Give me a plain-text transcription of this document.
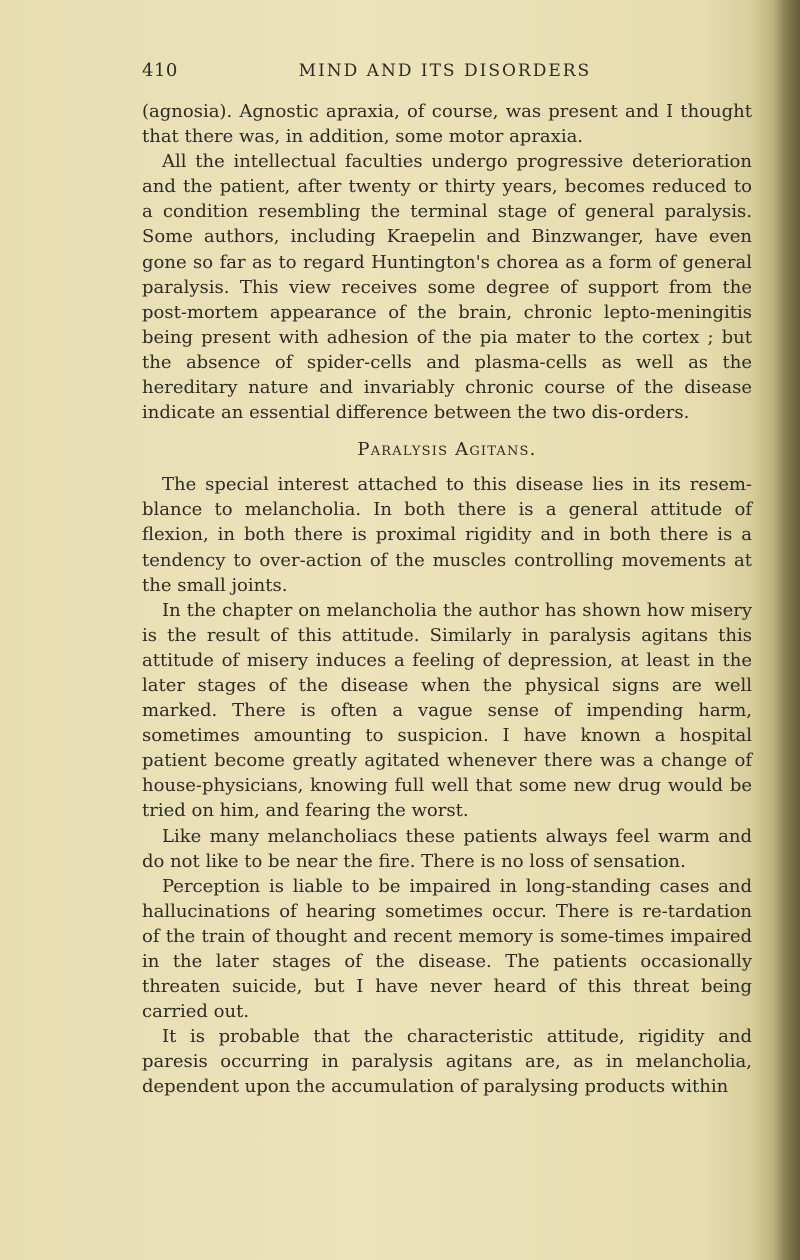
410	MIND AND ITS DISORDERS

(agnosia). Agnostic apraxia, of course, was present and I thought that there was, in addition, some motor apraxia.

All the intellectual faculties undergo progressive deterioration and the patient, after twenty or thirty years, becomes reduced to a condition resembling the terminal stage of general paralysis. Some authors, including Kraepelin and Binzwanger, have even gone so far as to regard Huntington's chorea as a form of general paralysis. This view receives some degree of support from the post-mortem appearance of the brain, chronic lepto-meningitis being present with adhesion of the pia mater to the cortex ; but the absence of spider-cells and plasma-cells as well as the hereditary nature and invariably chronic course of the disease indicate an essential difference between the two dis-orders.

Paralysis Agitans.

The special interest attached to this disease lies in its resem-blance to melancholia. In both there is a general attitude of flexion, in both there is proximal rigidity and in both there is a tendency to over-action of the muscles controlling movements at the small joints.

In the chapter on melancholia the author has shown how misery is the result of this attitude. Similarly in paralysis agitans this attitude of misery induces a feeling of depression, at least in the later stages of the disease when the physical signs are well marked. There is often a vague sense of impending harm, sometimes amounting to suspicion. I have known a hospital patient become greatly agitated whenever there was a change of house-physicians, knowing full well that some new drug would be tried on him, and fearing the worst.

Like many melancholiacs these patients always feel warm and do not like to be near the fire. There is no loss of sensation.

Perception is liable to be impaired in long-standing cases and hallucinations of hearing sometimes occur. There is re-tardation of the train of thought and recent memory is some-times impaired in the later stages of the disease. The patients occasionally threaten suicide, but I have never heard of this threat being carried out.

It is probable that the characteristic attitude, rigidity and paresis occurring in paralysis agitans are, as in melancholia, dependent upon the accumulation of paralysing products within
